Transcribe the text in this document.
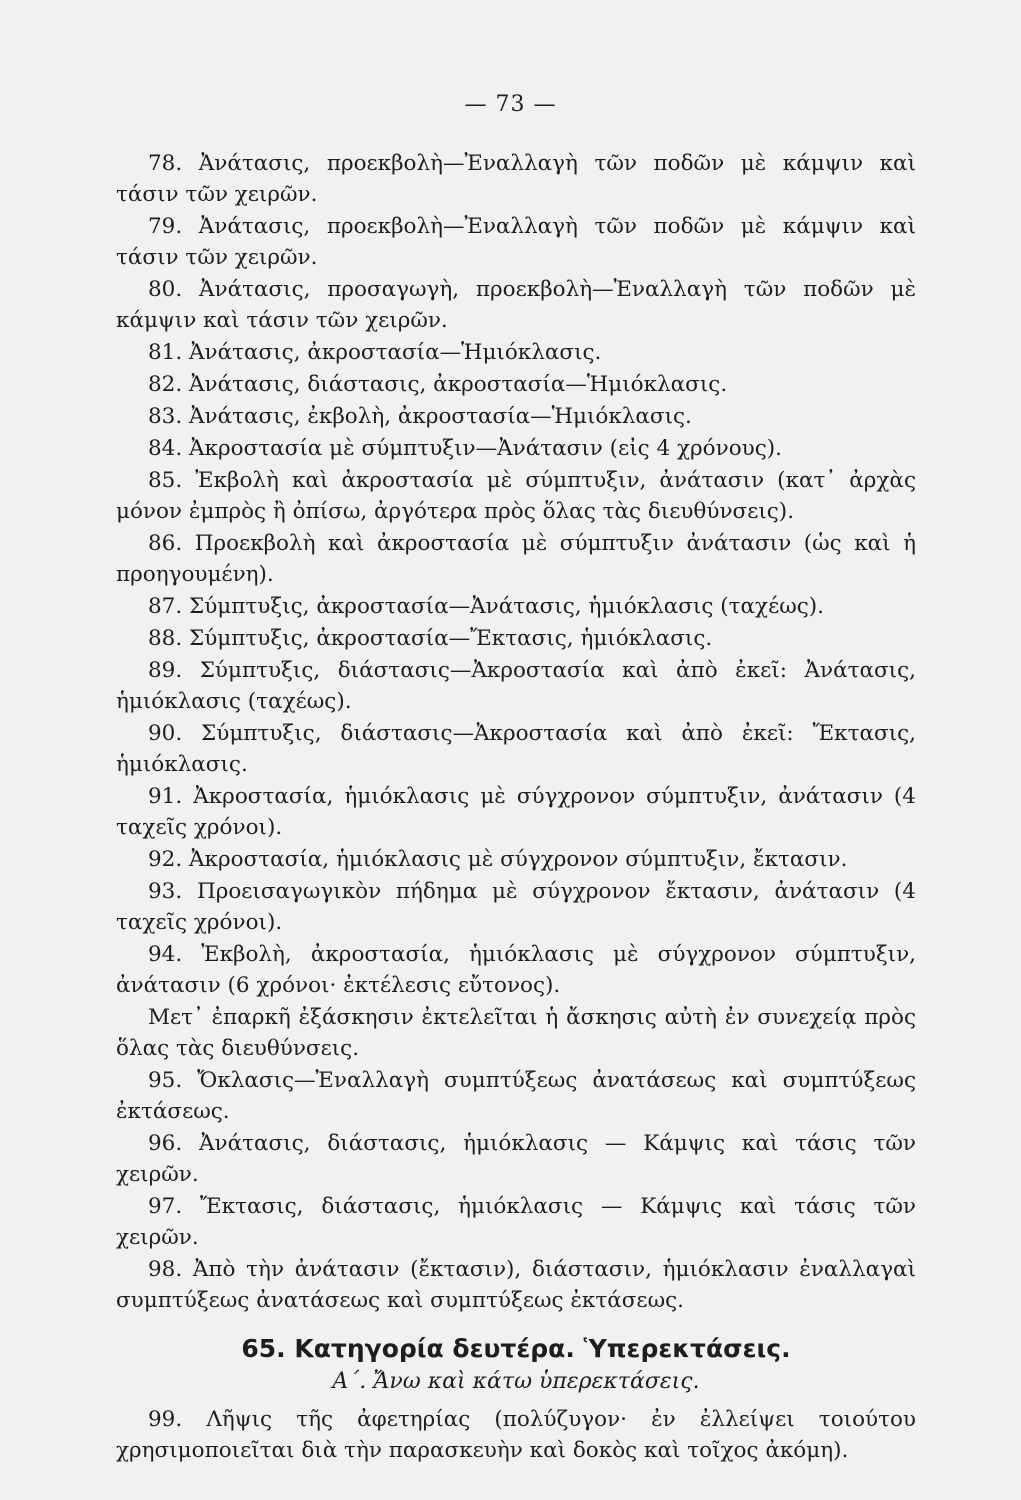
— 73 —

78. Ἀνάτασις, προεκβολὴ—Ἐναλλαγὴ τῶν ποδῶν μὲ κάμψιν καὶ τάσιν τῶν χειρῶν.

79. Ἀνάτασις, προεκβολὴ—Ἐναλλαγὴ τῶν ποδῶν μὲ κάμψιν καὶ τάσιν τῶν χειρῶν.

80. Ἀνάτασις, προσαγωγὴ, προεκβολὴ—Ἐναλλαγὴ τῶν ποδῶν μὲ κάμψιν καὶ τάσιν τῶν χειρῶν.

81. Ἀνάτασις, ἀκροστασία—Ἡμιόκλασις.

82. Ἀνάτασις, διάστασις, ἀκροστασία—Ἡμιόκλασις.

83. Ἀνάτασις, ἐκβολὴ, ἀκροστασία—Ἡμιόκλασις.

84. Ἀκροστασία μὲ σύμπτυξιν—Ἀνάτασιν (εἰς 4 χρόνους).

85. Ἐκβολὴ καὶ ἀκροστασία μὲ σύμπτυξιν, ἀνάτασιν (κατ᾽ ἀρχὰς μόνον ἐμπρὸς ἢ ὀπίσω, ἀργότερα πρὸς ὅλας τὰς διευθύνσεις).

86. Προεκβολὴ καὶ ἀκροστασία μὲ σύμπτυξιν ἀνάτασιν (ὡς καὶ ἡ προηγουμένη).

87. Σύμπτυξις, ἀκροστασία—Ἀνάτασις, ἡμιόκλασις (ταχέως).

88. Σύμπτυξις, ἀκροστασία—Ἔκτασις, ἡμιόκλασις.

89. Σύμπτυξις, διάστασις—Ἀκροστασία καὶ ἀπὸ ἐκεῖ: Ἀνάτασις, ἡμιόκλασις (ταχέως).

90. Σύμπτυξις, διάστασις—Ἀκροστασία καὶ ἀπὸ ἐκεῖ: Ἔκτασις, ἡμιόκλασις.

91. Ἀκροστασία, ἡμιόκλασις μὲ σύγχρονον σύμπτυξιν, ἀνάτασιν (4 ταχεῖς χρόνοι).

92. Ἀκροστασία, ἡμιόκλασις μὲ σύγχρονον σύμπτυξιν, ἔκτασιν.

93. Προεισαγωγικὸν πήδημα μὲ σύγχρονον ἔκτασιν, ἀνάτασιν (4 ταχεῖς χρόνοι).

94. Ἐκβολὴ, ἀκροστασία, ἡμιόκλασις μὲ σύγχρονον σύμπτυξιν, ἀνάτασιν (6 χρόνοι· ἐκτέλεσις εὔτονος).

Μετ᾽ ἐπαρκῆ ἐξάσκησιν ἐκτελεῖται ἡ ἄσκησις αὐτὴ ἐν συνεχείᾳ πρὸς ὅλας τὰς διευθύνσεις.

95. Ὄκλασις—Ἐναλλαγὴ συμπτύξεως ἀνατάσεως καὶ συμπτύξεως ἐκτάσεως.

96. Ἀνάτασις, διάστασις, ἡμιόκλασις — Κάμψις καὶ τάσις τῶν χειρῶν.

97. Ἔκτασις, διάστασις, ἡμιόκλασις — Κάμψις καὶ τάσις τῶν χειρῶν.

98. Ἀπὸ τὴν ἀνάτασιν (ἔκτασιν), διάστασιν, ἡμιόκλασιν ἐναλλαγαὶ συμπτύξεως ἀνατάσεως καὶ συμπτύξεως ἐκτάσεως.

65. Κατηγορία δευτέρα. Ὑπερεκτάσεις.
Α΄. Ἄνω καὶ κάτω ὑπερεκτάσεις.

99. Λῆψις τῆς ἀφετηρίας (πολύζυγον· ἐν ἐλλείψει τοιούτου χρησιμοποιεῖται διὰ τὴν παρασκευὴν καὶ δοκὸς καὶ τοῖχος ἀκόμη).
